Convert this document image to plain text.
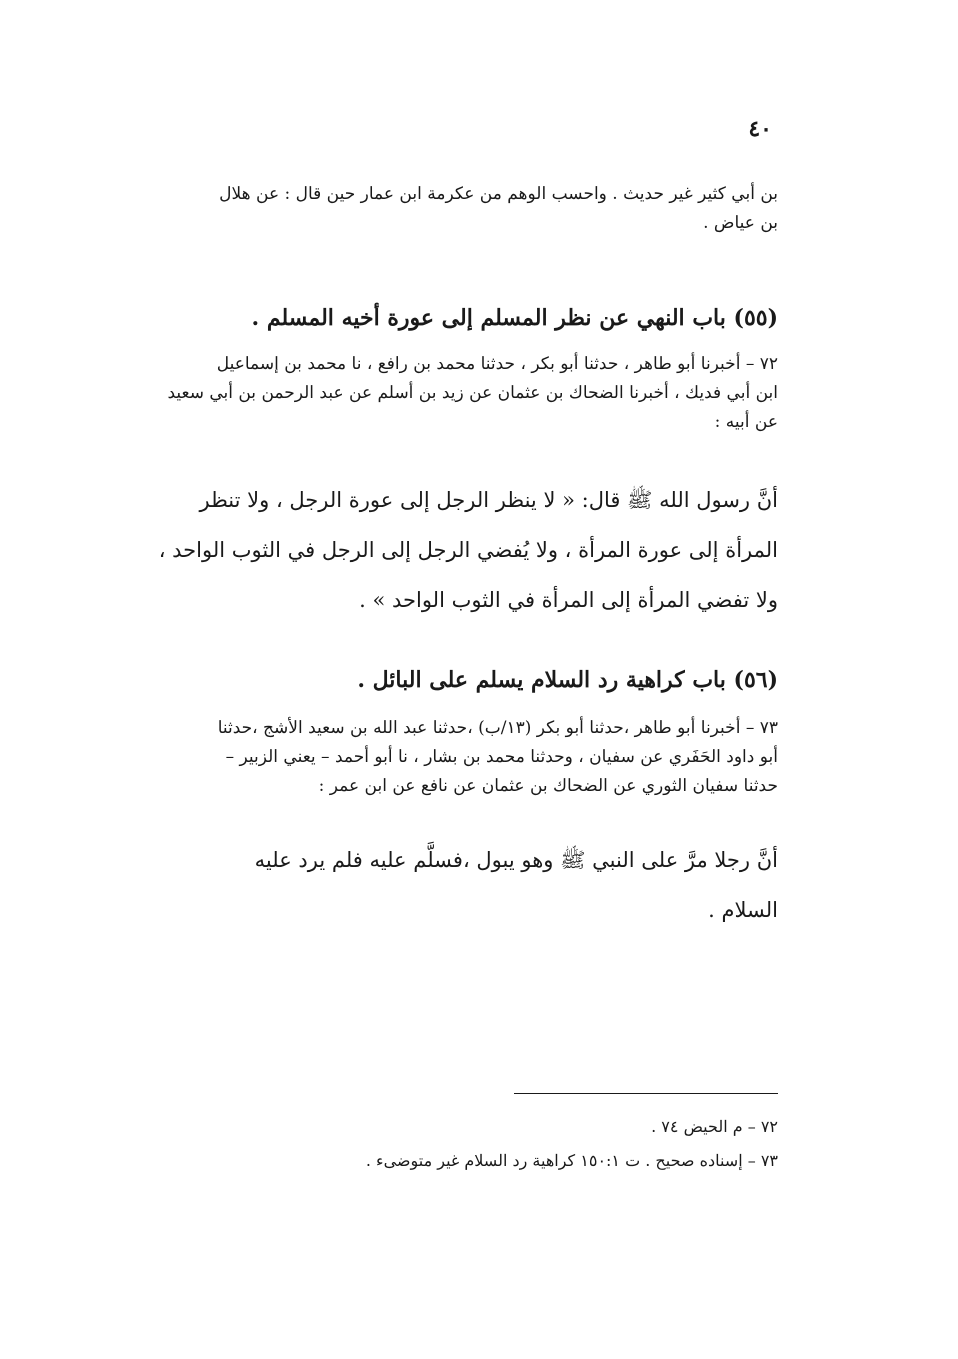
٤٠
بن أبي كثير غير حديث . واحسب الوهم من عكرمة ابن عمار حين قال : عن هلال
بن عياض .
(٥٥) باب النهي عن نظر المسلم إلى عورة أخيه المسلم .
٧٢ – أخبرنا أبو طاهر ، حدثنا أبو بكر ، حدثنا محمد بن رافع ، نا محمد بن إسماعيل
ابن أبي فديك ، أخبرنا الضحاك بن عثمان عن زيد بن أسلم عن عبد الرحمن بن أبي سعيد
عن أبيه :
أنَّ رسول الله ﷺ قال: « لا ينظر الرجل إلى عورة الرجل ، ولا تنظر
المرأة إلى عورة المرأة ، ولا يُفضي الرجل إلى الرجل في الثوب الواحد ،
ولا تفضي المرأة إلى المرأة في الثوب الواحد » .
(٥٦) باب كراهية رد السلام يسلم على البائل .
٧٣ – أخبرنا أبو طاهر ،حدثنا أبو بكر (١٣/ب) ،حدثنا عبد الله بن سعيد الأشج ،حدثنا
أبو داود الحَفَري عن سفيان ، وحدثنا محمد بن بشار ، نا أبو أحمد – يعني الزبير –
حدثنا سفيان الثوري عن الضحاك بن عثمان عن نافع عن ابن عمر :
أنَّ رجلا مرَّ على النبي ﷺ وهو يبول ،فسلَّم عليه فلم يرد عليه
السلام .
٧٢ – م الحيض ٧٤ .
٧٣ – إسناده صحيح . ت ١٥٠:١ كراهية رد السلام غير متوضىء .
